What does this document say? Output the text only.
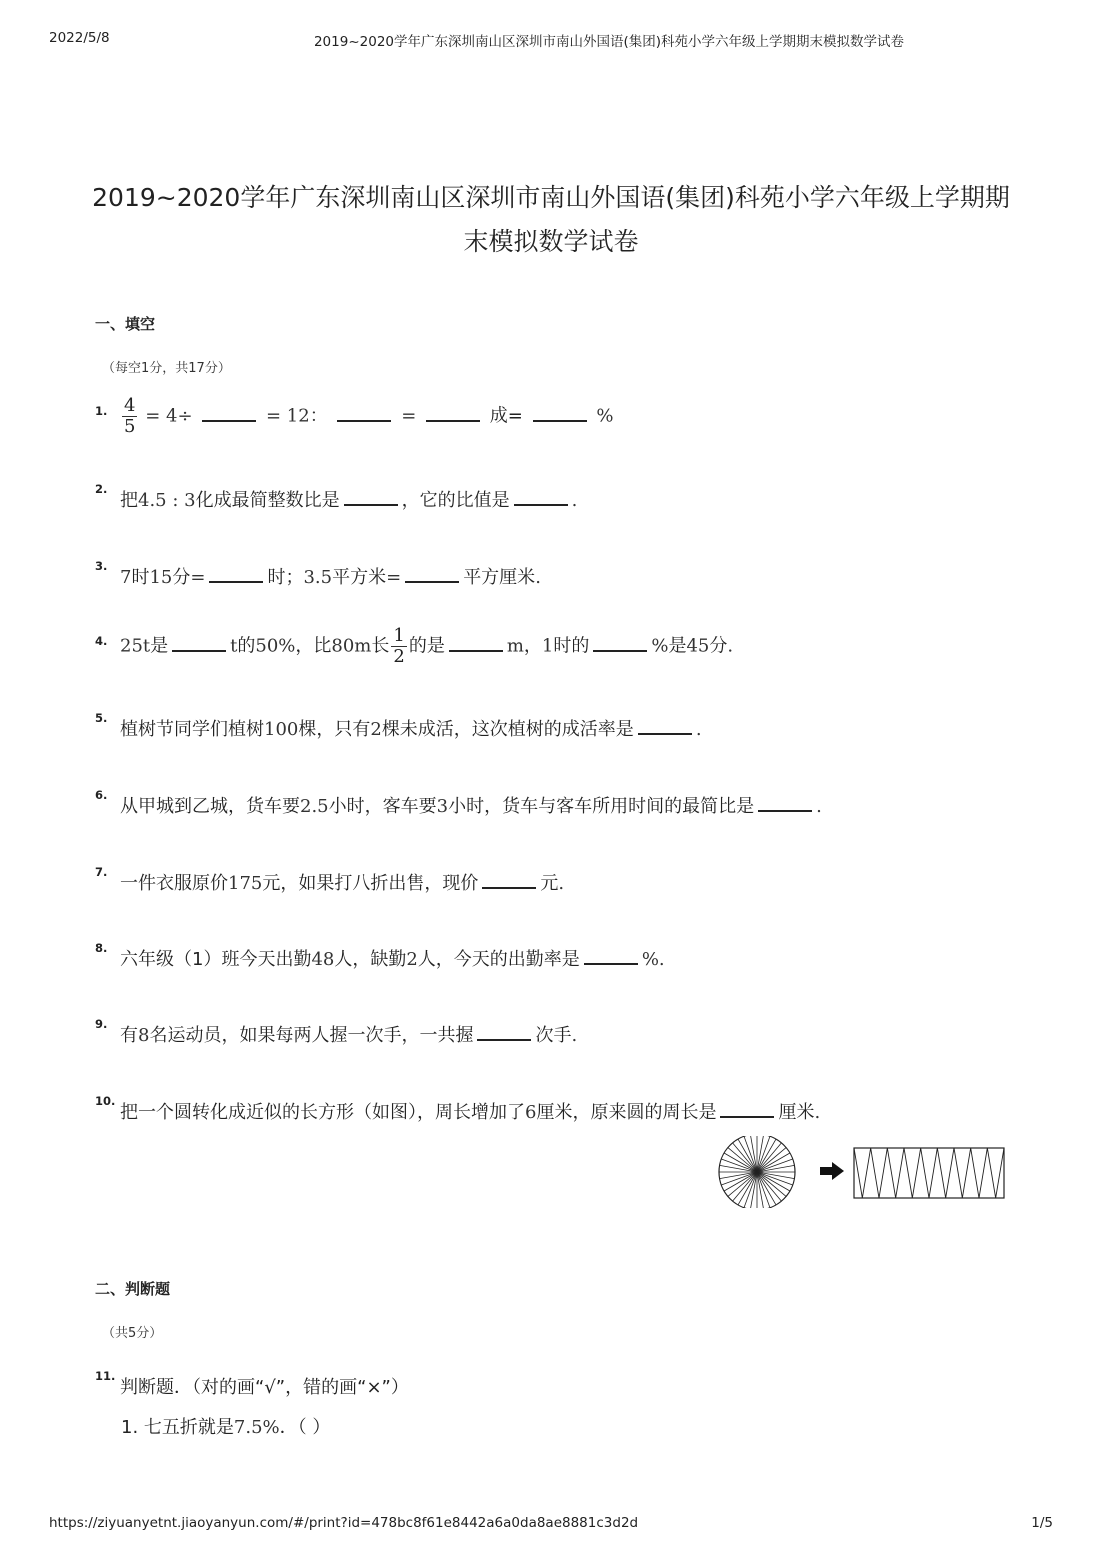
2022/5/8	2019~2020学年广东深圳南山区深圳市南山外国语(集团)科苑小学六年级上学期期末模拟数学试卷
2019~2020学年广东深圳南山区深圳市南山外国语(集团)科苑小学六年级上学期期
末模拟数学试卷
一、填空
（每空1分，共17分）
1. $\frac{4}{5} = 4\div$	= 12：	=	成=	%
2.
把4.5 : 3化成最简整数比是	，它的比值是	.
3.
7时15分=	时；3.5平方米=	平方厘米.
4. 25t是	t的50%，比80m长 $\frac{1}{2}$ 的是	m，1时的	%是45分.
5.
植树节同学们植树100棵，只有2棵未成活，这次植树的成活率是	.
6.
从甲城到乙城，货车要2.5小时，客车要3小时，货车与客车所用时间的最简比是	.
7.
一件衣服原价175元，如果打八折出售，现价	元.
8.
六年级（1）班今天出勤48人，缺勤2人，今天的出勤率是	%.
9.
有8名运动员，如果每两人握一次手，一共握	次手.
10.
把一个圆转化成近似的长方形（如图），周长增加了6厘米，原来圆的周长是	厘米.
二、判断题
（共5分）
11.
判断题．（对的画“√”，错的画“×”）
1. 七五折就是7.5%．（ ）
https://ziyuanyetnt.jiaoyanyun.com/#/print?id=478bc8f61e8442a6a0da8ae8881c3d2d	1/5
